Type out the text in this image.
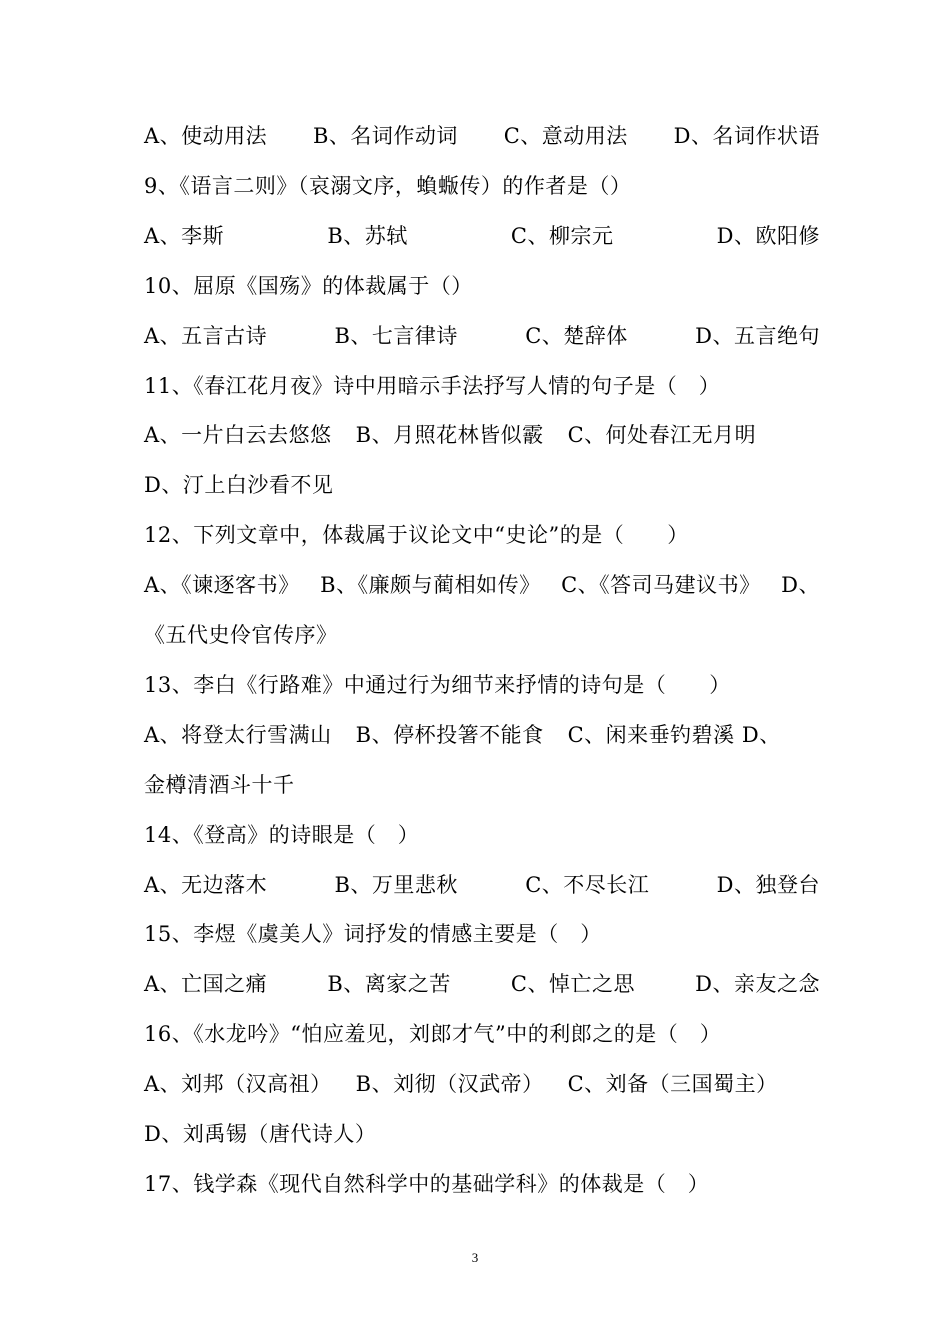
A、使动用法 B、名词作动词 C、意动用法 D、名词作状语
9、《语言二则》（哀溺文序，蝜蝂传）的作者是（）
A、李斯	B、苏轼	C、柳宗元	D、欧阳修
10、屈原《国殇》的体裁属于（）
A、五言古诗	B、七言律诗	C、楚辞体	D、五言绝句
11、《春江花月夜》诗中用暗示手法抒写人情的句子是（　）
A、一片白云去悠悠 B、月照花林皆似霰 C、何处春江无月明
D、汀上白沙看不见
12、下列文章中，体裁属于议论文中“史论”的是（　　）
A、《谏逐客书》 B、《廉颇与蔺相如传》 C、《答司马建议书》 D、
《五代史伶官传序》
13、李白《行路难》中通过行为细节来抒情的诗句是（　　）
A、将登太行雪满山 B、停杯投箸不能食 C、闲来垂钓碧溪 D、
金樽清酒斗十千
14、《登高》的诗眼是（　）
A、无边落木	B、万里悲秋	C、不尽长江	D、独登台
15、李煜《虞美人》词抒发的情感主要是（　）
A、亡国之痛	B、离家之苦	C、悼亡之思	D、亲友之念
16、《水龙吟》“怕应羞见，刘郎才气”中的利郎之的是（　）
A、刘邦（汉高祖） B、刘彻（汉武帝） C、刘备（三国蜀主）
D、刘禹锡（唐代诗人）
17、钱学森《现代自然科学中的基础学科》的体裁是（　）
3
